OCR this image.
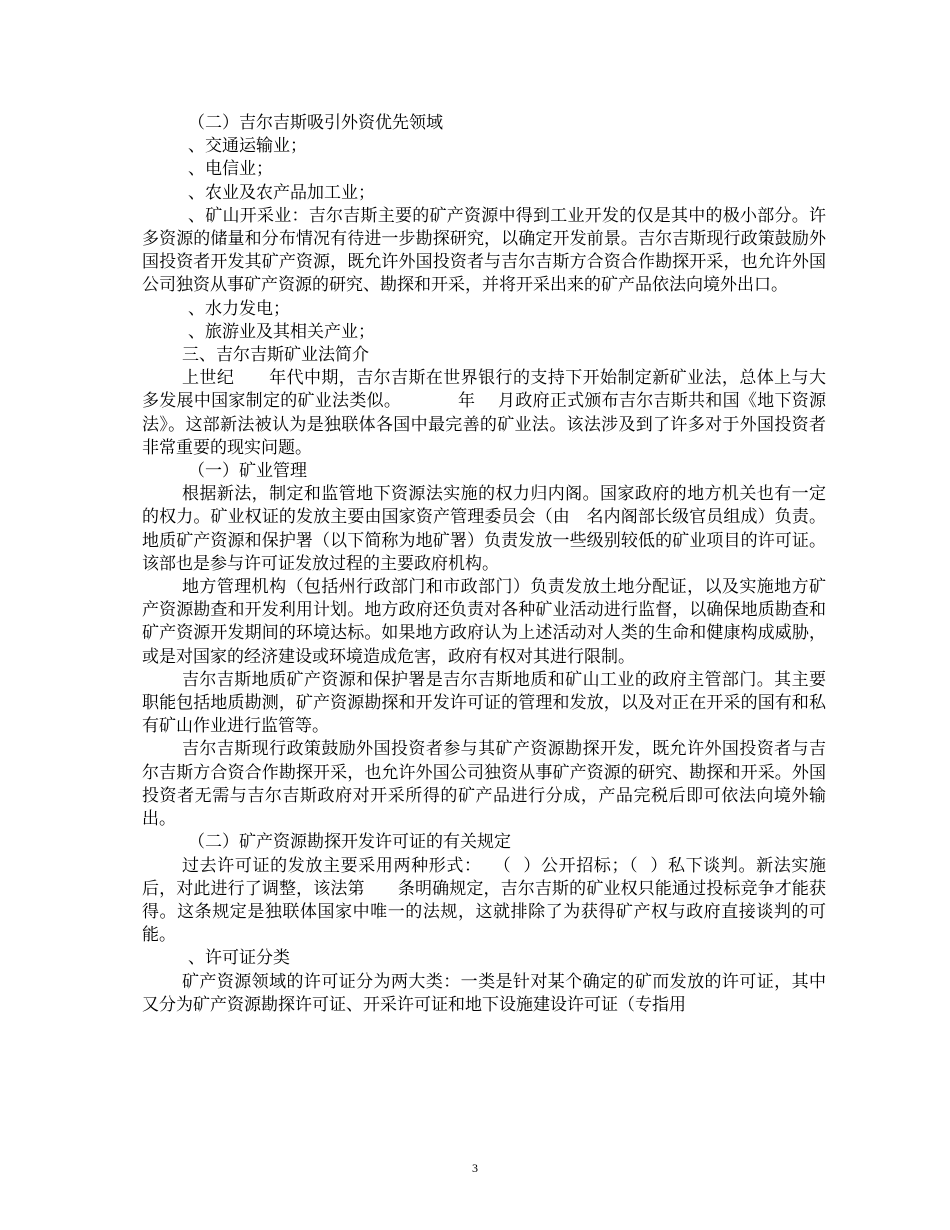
（二）吉尔吉斯吸引外资优先领域

、交通运输业；

、电信业；

、农业及农产品加工业；

、矿山开采业：吉尔吉斯主要的矿产资源中得到工业开发的仅是其中的极小部分。许多资源的储量和分布情况有待进一步勘探研究，以确定开发前景。吉尔吉斯现行政策鼓励外国投资者开发其矿产资源，既允许外国投资者与吉尔吉斯方合资合作勘探开采，也允许外国公司独资从事矿产资源的研究、勘探和开采，并将开采出来的矿产品依法向境外出口。

、水力发电；

、旅游业及其相关产业；

三、吉尔吉斯矿业法简介

上世纪      年代中期，吉尔吉斯在世界银行的支持下开始制定新矿业法，总体上与大多发展中国家制定的矿业法类似。          年    月政府正式颁布吉尔吉斯共和国《地下资源法》。这部新法被认为是独联体各国中最完善的矿业法。该法涉及到了许多对于外国投资者非常重要的现实问题。

（一）矿业管理

根据新法，制定和监管地下资源法实施的权力归内阁。国家政府的地方机关也有一定的权力。矿业权证的发放主要由国家资产管理委员会（由   名内阁部长级官员组成）负责。地质矿产资源和保护署（以下简称为地矿署）负责发放一些级别较低的矿业项目的许可证。该部也是参与许可证发放过程的主要政府机构。

地方管理机构（包括州行政部门和市政部门）负责发放土地分配证，以及实施地方矿产资源勘查和开发利用计划。地方政府还负责对各种矿业活动进行监督，以确保地质勘查和矿产资源开发期间的环境达标。如果地方政府认为上述活动对人类的生命和健康构成威胁，或是对国家的经济建设或环境造成危害，政府有权对其进行限制。

吉尔吉斯地质矿产资源和保护署是吉尔吉斯地质和矿山工业的政府主管部门。其主要职能包括地质勘测，矿产资源勘探和开发许可证的管理和发放，以及对正在开采的国有和私有矿山作业进行监管等。

吉尔吉斯现行政策鼓励外国投资者参与其矿产资源勘探开发，既允许外国投资者与吉尔吉斯方合资合作勘探开采，也允许外国公司独资从事矿产资源的研究、勘探和开采。外国投资者无需与吉尔吉斯政府对开采所得的矿产品进行分成，产品完税后即可依法向境外输出。

（二）矿产资源勘探开发许可证的有关规定

过去许可证的发放主要采用两种形式：  （  ）公开招标；（  ）私下谈判。新法实施后，对此进行了调整，该法第      条明确规定，吉尔吉斯的矿业权只能通过投标竞争才能获得。这条规定是独联体国家中唯一的法规，这就排除了为获得矿产权与政府直接谈判的可能。

、许可证分类

矿产资源领域的许可证分为两大类：一类是针对某个确定的矿而发放的许可证，其中又分为矿产资源勘探许可证、开采许可证和地下设施建设许可证（专指用

3
